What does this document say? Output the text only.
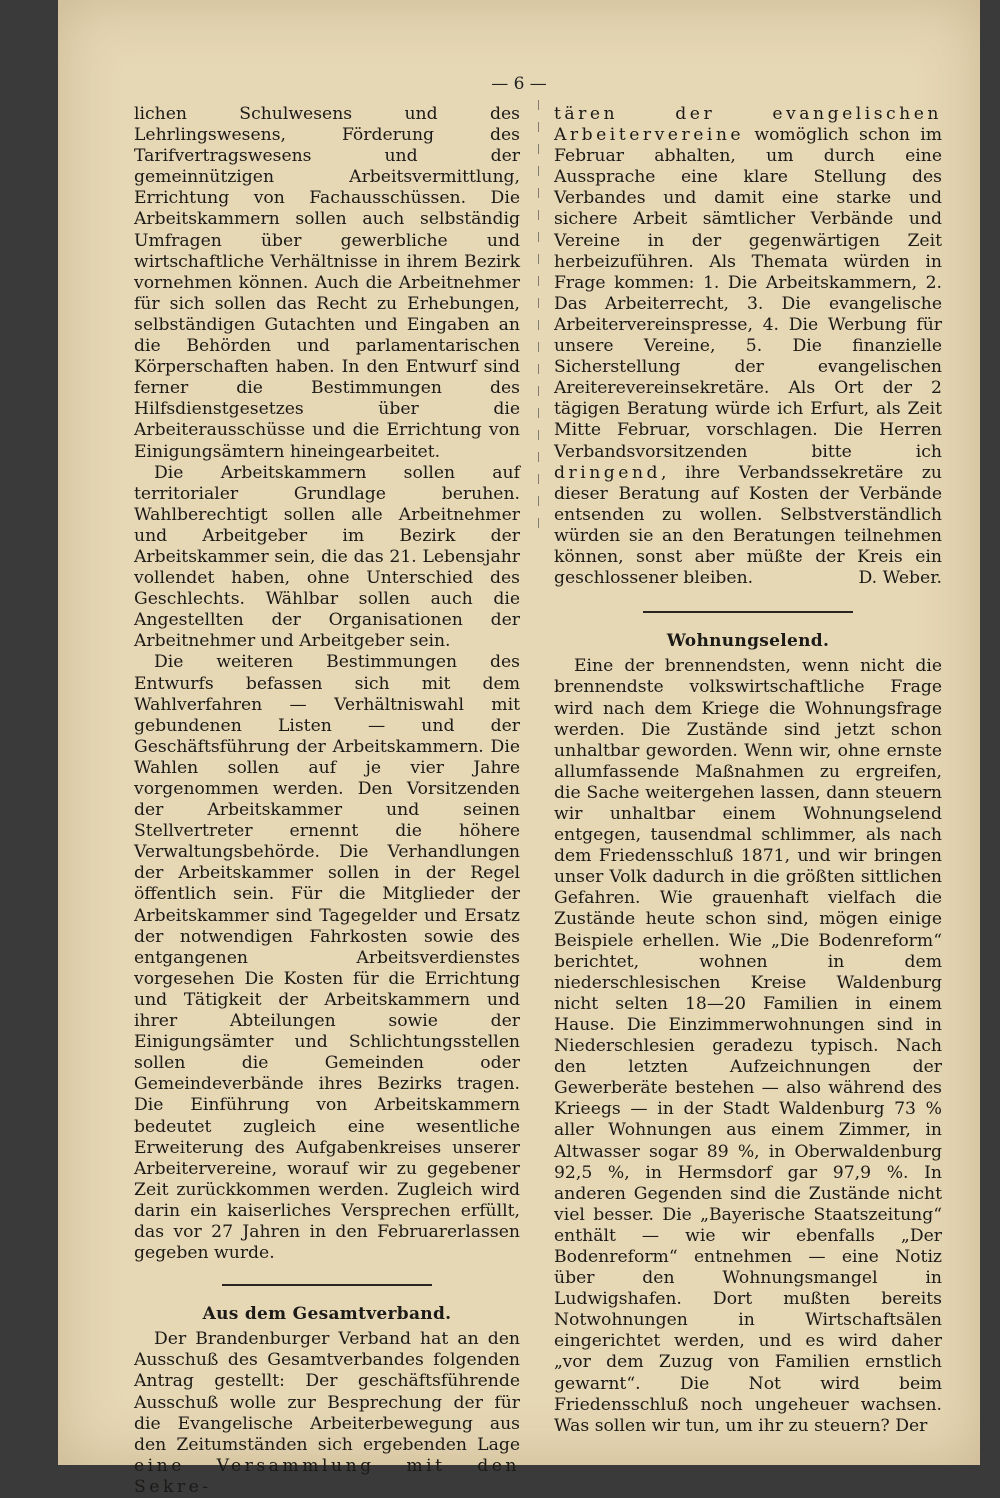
— 6 —

lichen Schulwesens und des Lehrlingswesens, Förderung des Tarifvertragswesens und der gemeinnützigen Arbeitsvermittlung, Errichtung von Fachausschüssen. Die Arbeitskammern sollen auch selbständig Umfragen über gewerbliche und wirtschaftliche Verhältnisse in ihrem Bezirk vornehmen können. Auch die Arbeitnehmer für sich sollen das Recht zu Erhebungen, selbständigen Gutachten und Eingaben an die Behörden und parlamentarischen Körperschaften haben. In den Entwurf sind ferner die Bestimmungen des Hilfsdienstgesetzes über die Arbeiterausschüsse und die Errichtung von Einigungsämtern hineingearbeitet.

Die Arbeitskammern sollen auf territorialer Grundlage beruhen. Wahlberechtigt sollen alle Arbeitnehmer und Arbeitgeber im Bezirk der Arbeitskammer sein, die das 21. Lebensjahr vollendet haben, ohne Unterschied des Geschlechts. Wählbar sollen auch die Angestellten der Organisationen der Arbeitnehmer und Arbeitgeber sein.

Die weiteren Bestimmungen des Entwurfs befassen sich mit dem Wahlverfahren — Verhältniswahl mit gebundenen Listen — und der Geschäftsführung der Arbeitskammern. Die Wahlen sollen auf je vier Jahre vorgenommen werden. Den Vorsitzenden der Arbeitskammer und seinen Stellvertreter ernennt die höhere Verwaltungsbehörde. Die Verhandlungen der Arbeitskammer sollen in der Regel öffentlich sein. Für die Mitglieder der Arbeitskammer sind Tagegelder und Ersatz der notwendigen Fahrkosten sowie des entgangenen Arbeitsverdienstes vorgesehen Die Kosten für die Errichtung und Tätigkeit der Arbeitskammern und ihrer Abteilungen sowie der Einigungsämter und Schlichtungsstellen sollen die Gemeinden oder Gemeindeverbände ihres Bezirks tragen. Die Einführung von Arbeitskammern bedeutet zugleich eine wesentliche Erweiterung des Aufgabenkreises unserer Arbeitervereine, worauf wir zu gegebener Zeit zurückkommen werden. Zugleich wird darin ein kaiserliches Versprechen erfüllt, das vor 27 Jahren in den Februarerlassen gegeben wurde.

Aus dem Gesamtverband.

Der Brandenburger Verband hat an den Ausschuß des Gesamtverbandes folgenden Antrag gestellt: Der geschäftsführende Ausschuß wolle zur Besprechung der für die Evangelische Arbeiterbewegung aus den Zeitumständen sich ergebenden Lage eine Versammlung mit den Sekre-

tären der evangelischen Arbeitervereine womöglich schon im Februar abhalten, um durch eine Aussprache eine klare Stellung des Verbandes und damit eine starke und sichere Arbeit sämtlicher Verbände und Vereine in der gegenwärtigen Zeit herbeizuführen. Als Themata würden in Frage kommen: 1. Die Arbeitskammern, 2. Das Arbeiterrecht, 3. Die evangelische Arbeitervereinspresse, 4. Die Werbung für unsere Vereine, 5. Die finanzielle Sicherstellung der evangelischen Areiterevereinsekretäre. Als Ort der 2 tägigen Beratung würde ich Erfurt, als Zeit Mitte Februar, vorschlagen. Die Herren Verbandsvorsitzenden bitte ich dringend, ihre Verbandssekretäre zu dieser Beratung auf Kosten der Verbände entsenden zu wollen. Selbstverständlich würden sie an den Beratungen teilnehmen können, sonst aber müßte der Kreis ein geschlossener bleiben.	D. Weber.

Wohnungselend.

Eine der brennendsten, wenn nicht die brennendste volkswirtschaftliche Frage wird nach dem Kriege die Wohnungsfrage werden. Die Zustände sind jetzt schon unhaltbar geworden. Wenn wir, ohne ernste allumfassende Maßnahmen zu ergreifen, die Sache weitergehen lassen, dann steuern wir unhaltbar einem Wohnungselend entgegen, tausendmal schlimmer, als nach dem Friedensschluß 1871, und wir bringen unser Volk dadurch in die größten sittlichen Gefahren. Wie grauenhaft vielfach die Zustände heute schon sind, mögen einige Beispiele erhellen. Wie „Die Bodenreform“ berichtet, wohnen in dem niederschlesischen Kreise Waldenburg nicht selten 18—20 Familien in einem Hause. Die Einzimmerwohnungen sind in Niederschlesien geradezu typisch. Nach den letzten Aufzeichnungen der Gewerberäte bestehen — also während des Krieegs — in der Stadt Waldenburg 73 % aller Wohnungen aus einem Zimmer, in Altwasser sogar 89 %, in Oberwaldenburg 92,5 %, in Hermsdorf gar 97,9 %. In anderen Gegenden sind die Zustände nicht viel besser. Die „Bayerische Staatszeitung“ enthält — wie wir ebenfalls „Der Bodenreform“ entnehmen — eine Notiz über den Wohnungsmangel in Ludwigshafen. Dort mußten bereits Notwohnungen in Wirtschaftsälen eingerichtet werden, und es wird daher „vor dem Zuzug von Familien ernstlich gewarnt“. Die Not wird beim Friedensschluß noch ungeheuer wachsen. Was sollen wir tun, um ihr zu steuern? Der
